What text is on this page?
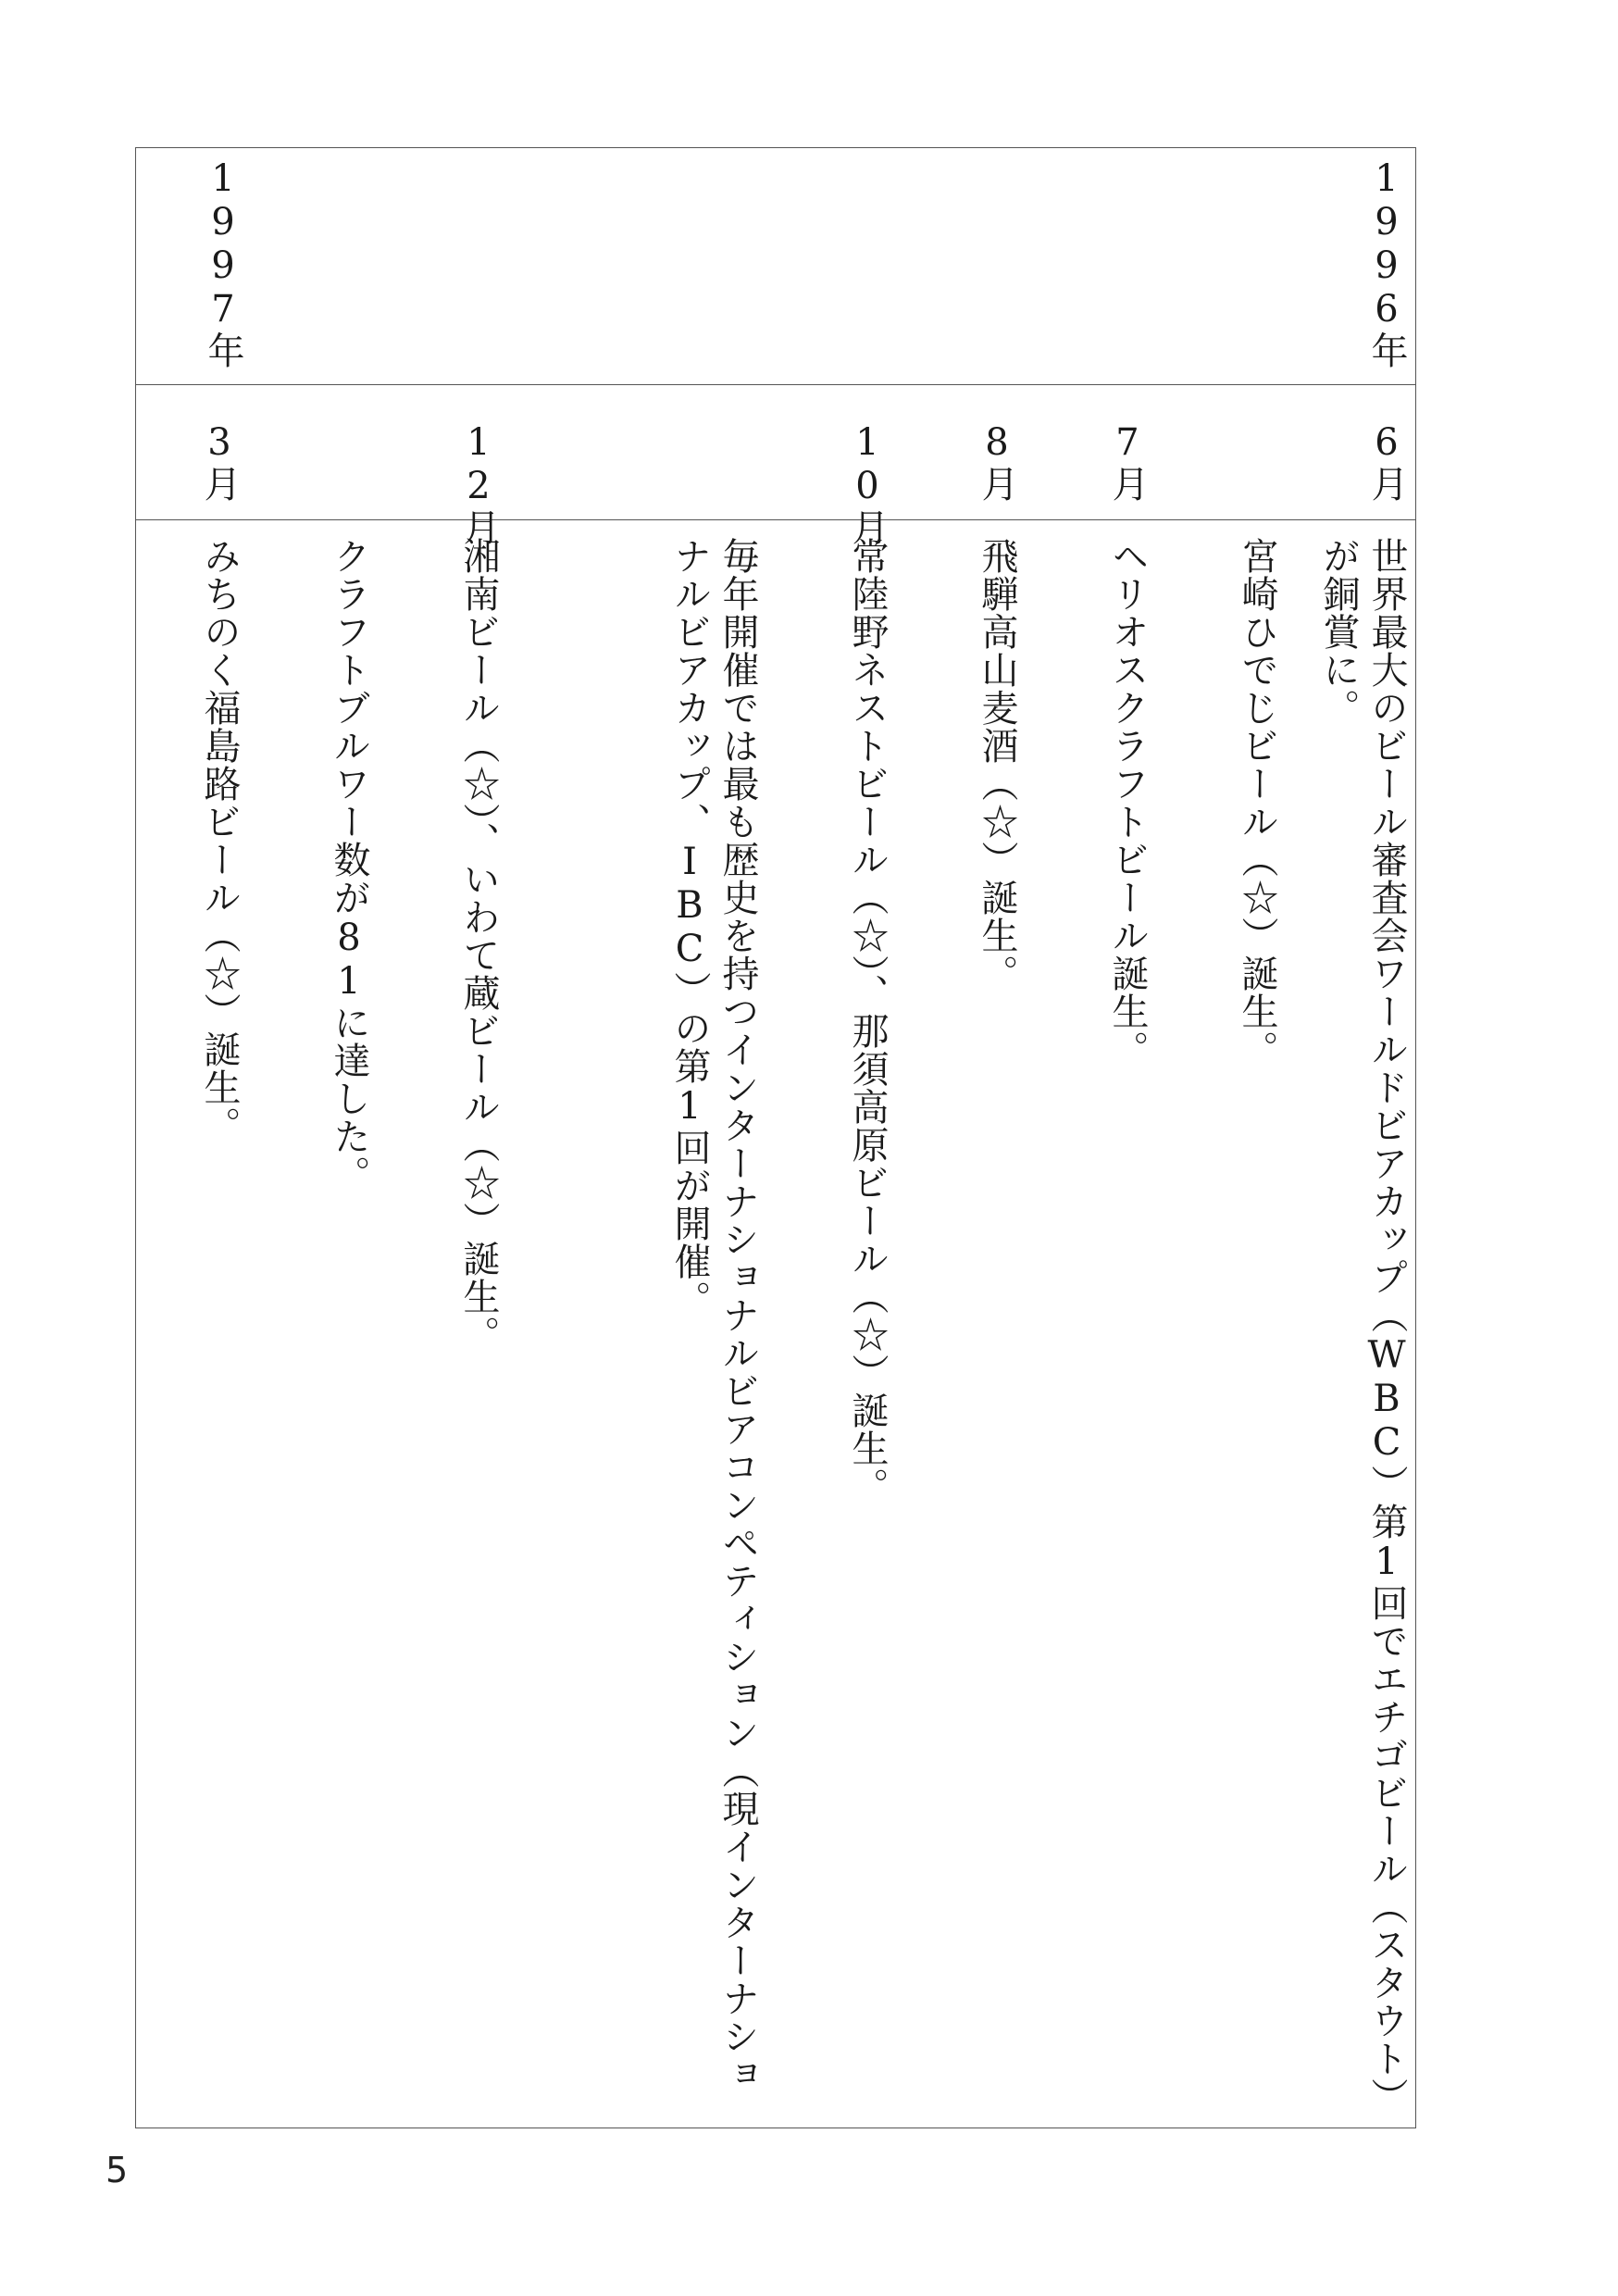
1996年
1997年
6月
7月
8月
10月
12月
3月
世界最大のビール審査会ワールドビアカップ（WBC）第1回でエチゴビール（スタウト）が銅賞に。
宮崎ひでじビール（☆）誕生。
ヘリオスクラフトビール誕生。
飛騨高山麦酒（☆）誕生。
常陸野ネストビール（☆）、那須高原ビール（☆）誕生。
毎年開催では最も歴史を持つインターナショナルビアコンペティション（現インターナショナルビアカップ、IBC）の第1回が開催。
湘南ビール（☆）、いわて蔵ビール（☆）誕生。
クラフトブルワー数が81に達した。
みちのく福島路ビール（☆）誕生。
5
